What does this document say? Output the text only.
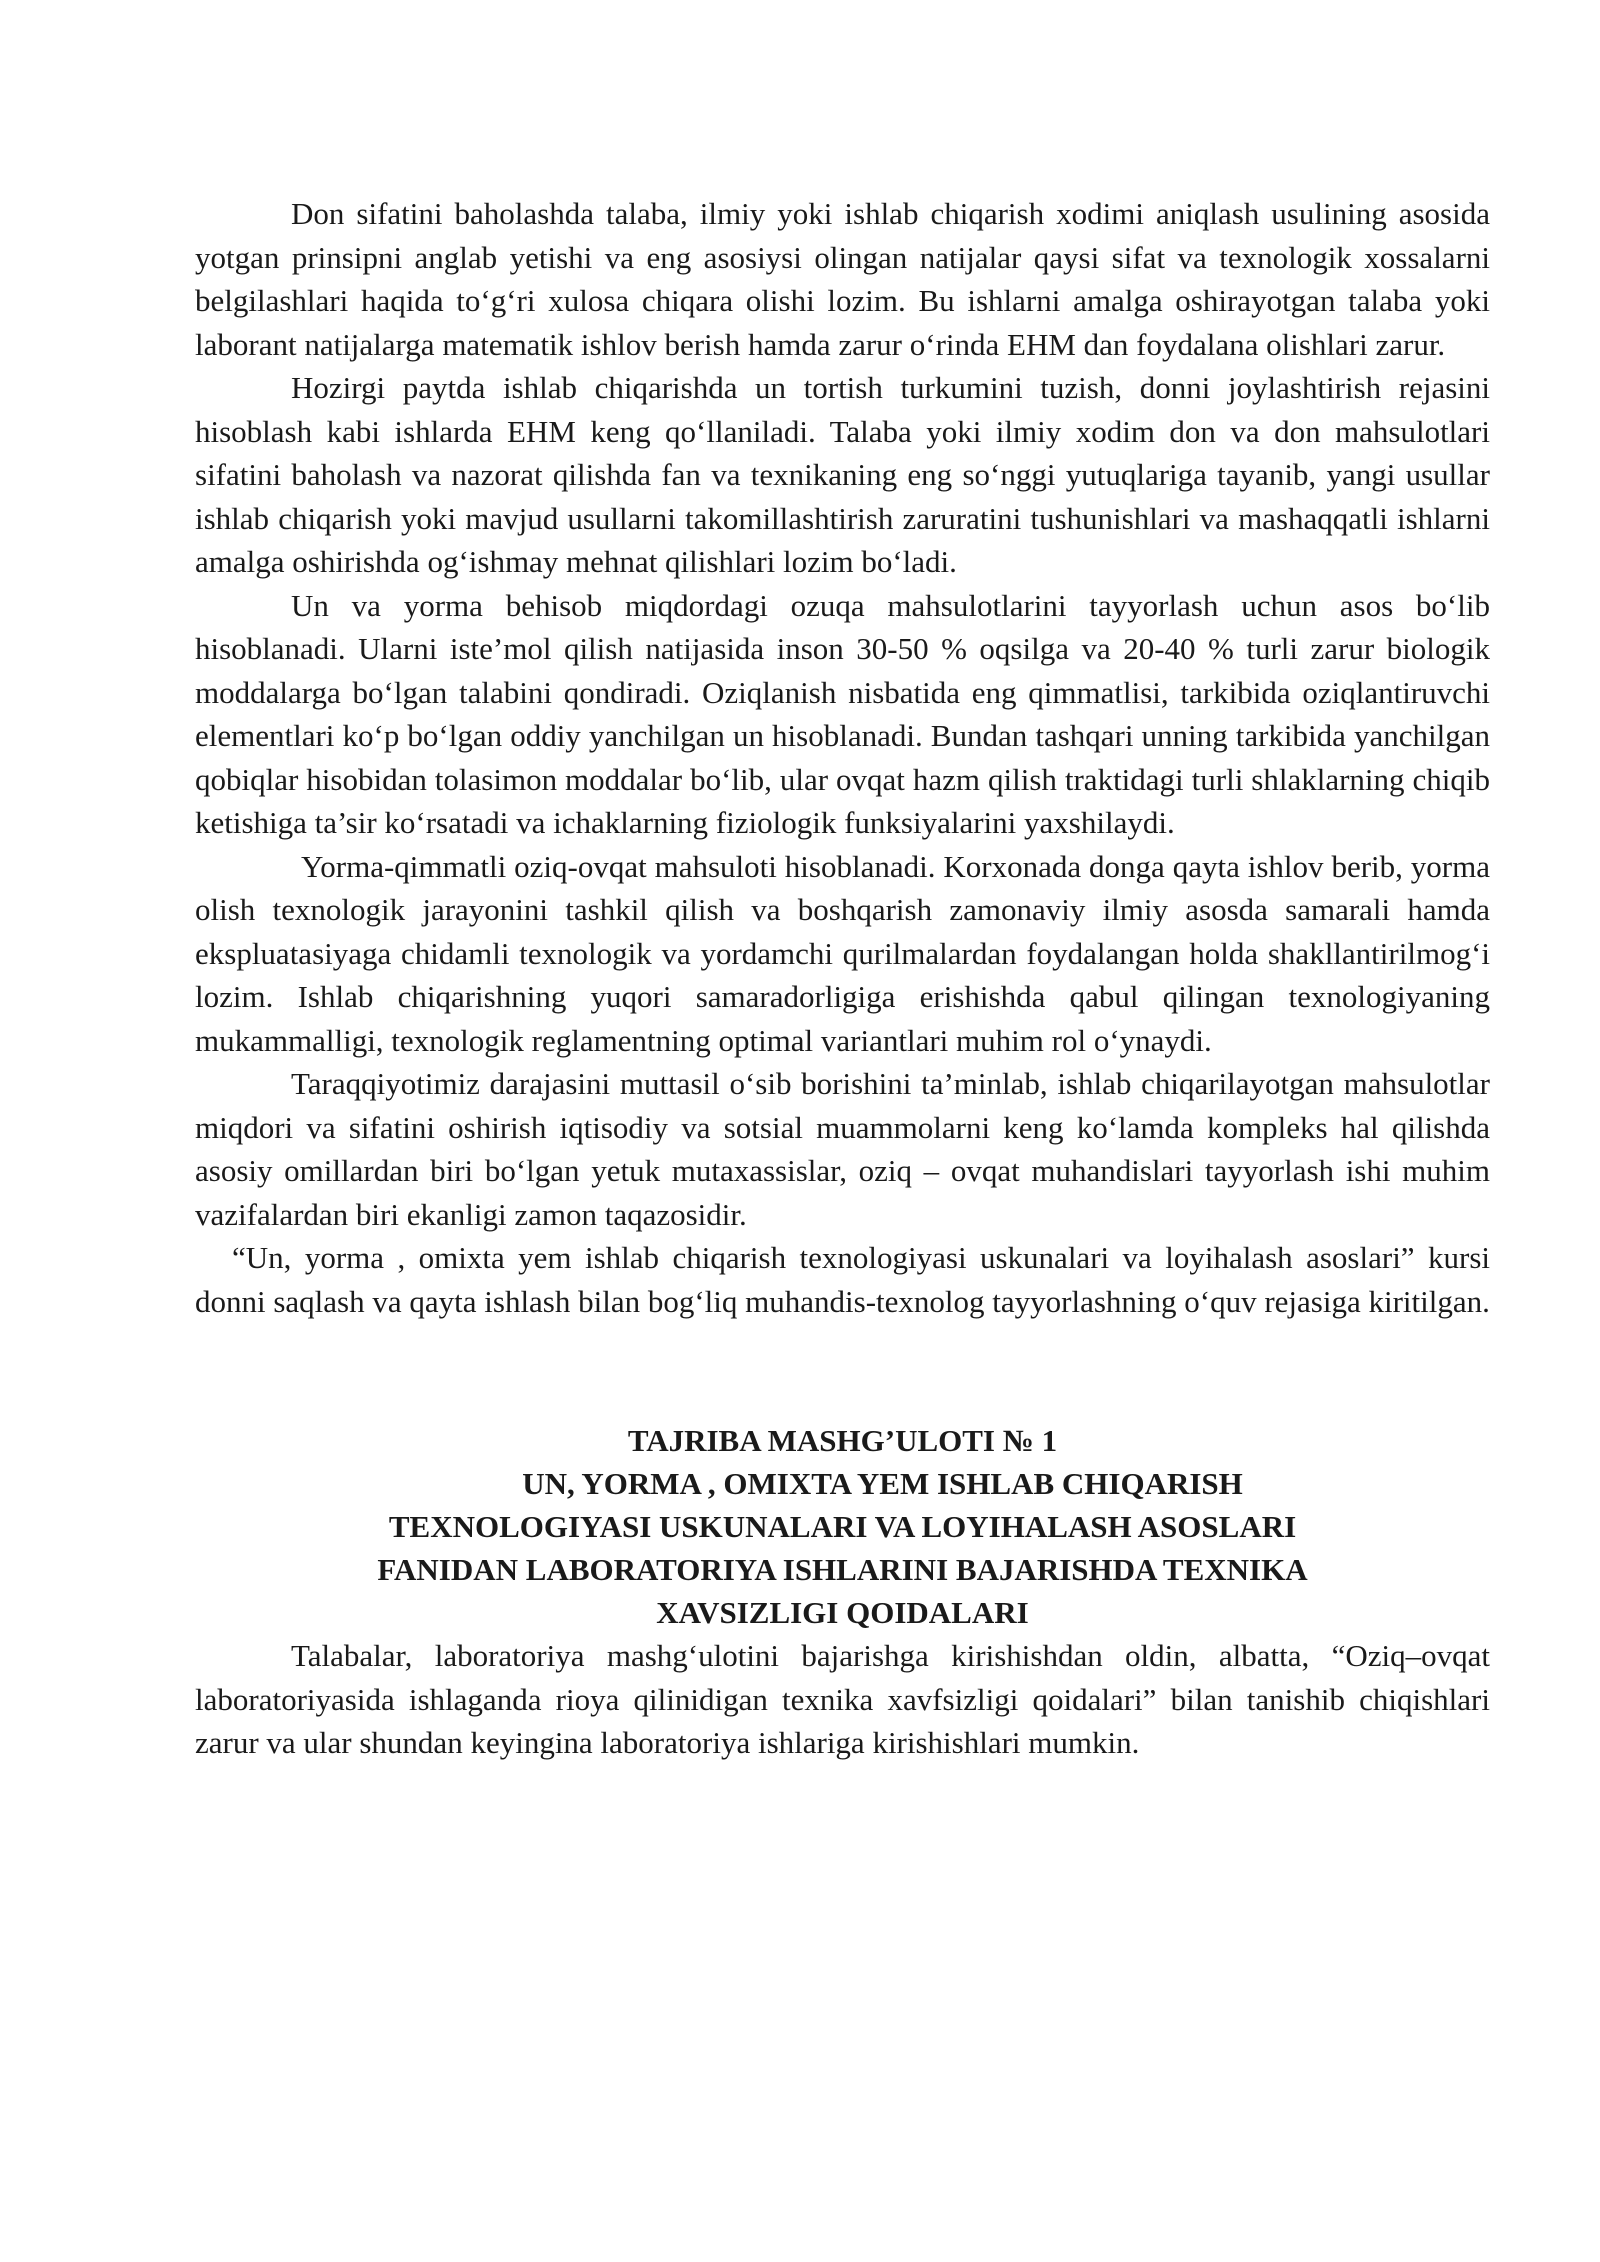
Don sifatini baholashda talaba, ilmiy yoki ishlab chiqarish xodimi aniqlash usulining asosida yotgan prinsipni anglab yetishi va eng asosiysi olingan natijalar qaysi sifat va texnologik xossalarni belgilashlari haqida to‘g‘ri xulosa chiqara olishi lozim. Bu ishlarni amalga oshirayotgan talaba yoki laborant natijalarga matematik ishlov berish hamda zarur o‘rinda EHM dan foydalana olishlari zarur.

Hozirgi paytda ishlab chiqarishda un tortish turkumini tuzish, donni joylashtirish rejasini hisoblash kabi ishlarda EHM keng qo‘llaniladi. Talaba yoki ilmiy xodim don va don mahsulotlari sifatini baholash va nazorat qilishda fan va texnikaning eng so‘nggi yutuqlariga tayanib, yangi usullar ishlab chiqarish yoki mavjud usullarni takomillashtirish zaruratini tushunishlari va mashaqqatli ishlarni amalga oshirishda og‘ishmay mehnat qilishlari lozim bo‘ladi.

Un va yorma behisob miqdordagi ozuqa mahsulotlarini tayyorlash uchun asos bo‘lib hisoblanadi. Ularni iste’mol qilish natijasida inson 30-50 % oqsilga va 20-40 % turli zarur biologik moddalarga bo‘lgan talabini qondiradi. Oziqlanish nisbatida eng qimmatlisi, tarkibida oziqlantiruvchi elementlari ko‘p bo‘lgan oddiy yanchilgan un hisoblanadi. Bundan tashqari unning tarkibida yanchilgan qobiqlar hisobidan tolasimon moddalar bo‘lib, ular ovqat hazm qilish traktidagi turli shlaklarning chiqib ketishiga ta’sir ko‘rsatadi va ichaklarning fiziologik funksiyalarini yaxshilaydi.

Yorma-qimmatli oziq-ovqat mahsuloti hisoblanadi. Korxonada donga qayta ishlov berib, yorma olish texnologik jarayonini tashkil qilish va boshqarish zamonaviy ilmiy asosda samarali hamda ekspluatasiyaga chidamli texnologik va yordamchi qurilmalardan foydalangan holda shakllantirilmog‘i lozim. Ishlab chiqarishning yuqori samaradorligiga erishishda qabul qilingan texnologiyaning mukammalligi, texnologik reglamentning optimal variantlari muhim rol o‘ynaydi.

Taraqqiyotimiz darajasini muttasil o‘sib borishini ta’minlab, ishlab chiqarilayotgan mahsulotlar miqdori va sifatini oshirish iqtisodiy va sotsial muammolarni keng ko‘lamda kompleks hal qilishda asosiy omillardan biri bo‘lgan yetuk mutaxassislar, oziq – ovqat muhandislari tayyorlash ishi muhim vazifalardan biri ekanligi zamon taqazosidir.

“Un, yorma , omixta yem ishlab chiqarish texnologiyasi uskunalari va loyihalash asoslari” kursi donni saqlash va qayta ishlash bilan bog‘liq muhandis-texnolog tayyorlashning o‘quv rejasiga kiritilgan.

TAJRIBA MASHG’ULOTI № 1
UN, YORMA , OMIXTA YEM ISHLAB CHIQARISH
TEXNOLOGIYASI USKUNALARI VA LOYIHALASH ASOSLARI
FANIDAN LABORATORIYA ISHLARINI BAJARISHDA TEXNIKA
XAVSIZLIGI QOIDALARI

Talabalar, laboratoriya mashg‘ulotini bajarishga kirishishdan oldin, albatta, “Oziq–ovqat laboratoriyasida ishlaganda rioya qilinidigan texnika xavfsizligi qoidalari” bilan tanishib chiqishlari zarur va ular shundan keyingina laboratoriya ishlariga kirishishlari mumkin.
